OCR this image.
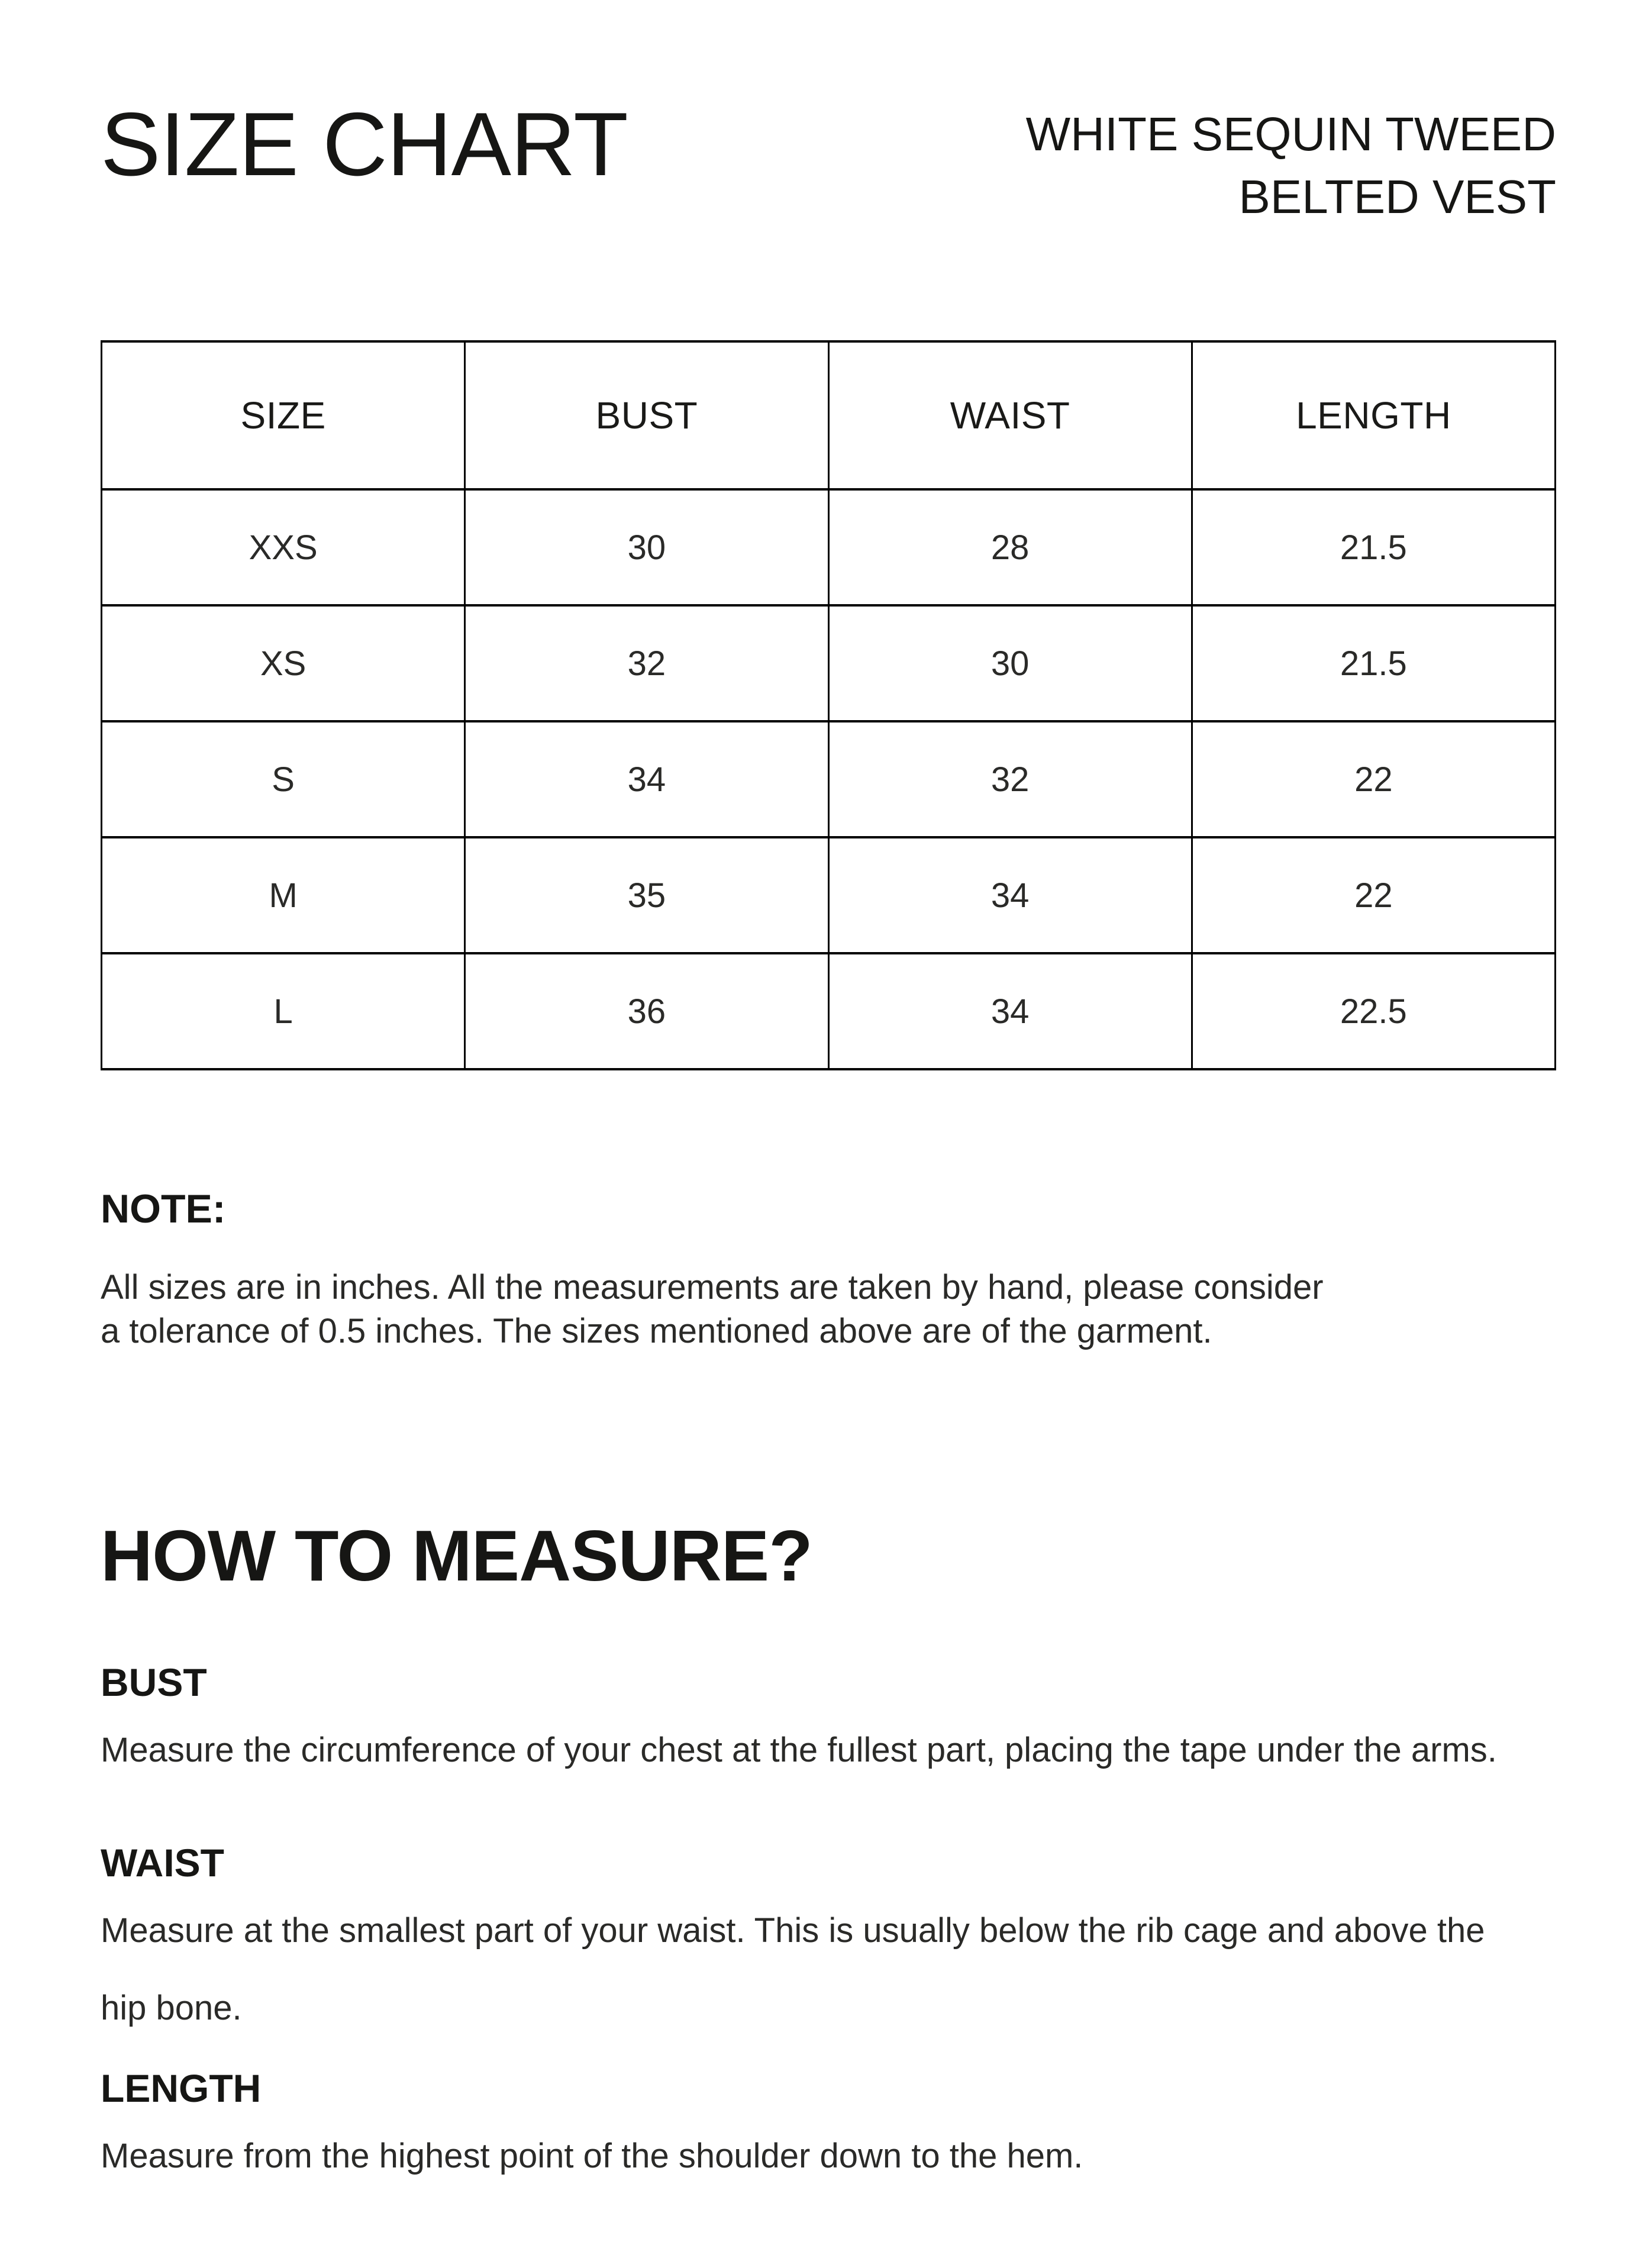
SIZE CHART	WHITE SEQUIN TWEED
BELTED VEST
SIZE	BUST	WAIST	LENGTH
XXS	30	28	21.5
XS	32	30	21.5
S	34	32	22
M	35	34	22
L	36	34	22.5
NOTE:
All sizes are in inches. All the measurements are taken by hand, please consider
a tolerance of 0.5 inches. The sizes mentioned above are of the garment.
HOW TO MEASURE?
BUST
Measure the circumference of your chest at the fullest part, placing the tape under the arms.
WAIST
Measure at the smallest part of your waist. This is usually below the rib cage and above the
hip bone.
LENGTH
Measure from the highest point of the shoulder down to the hem.
